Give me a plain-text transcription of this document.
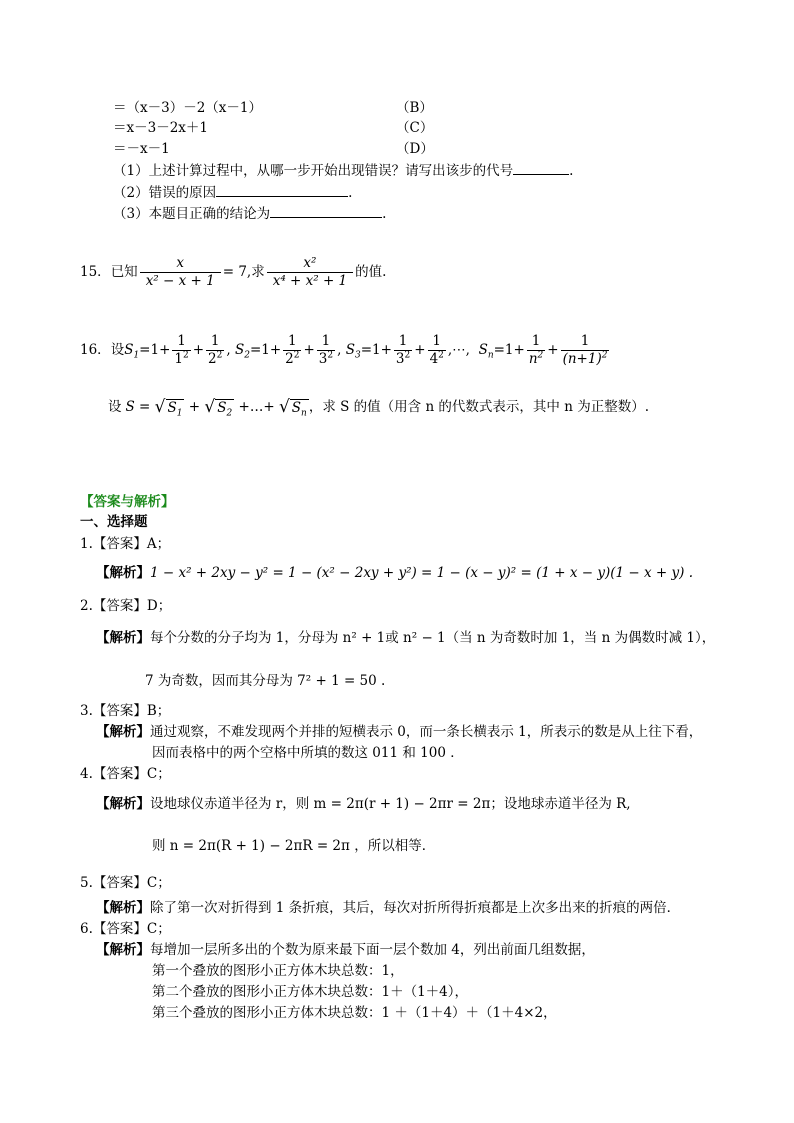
＝（x－3）－2（x－1）	（B）
＝x－3－2x＋1	（C）
＝－x－1	（D）
（1）上述计算过程中，从哪一步开始出现错误？请写出该步的代号	.
（2）错误的原因	.
（3）本题目正确的结论为	.
15． 已知 $\frac{x}{\text{x² − x + 1}} = 7$ ,求 $\frac{\text{x²}}{\text{x⁴ + x² + 1}}$ 的值.
16． 设 $S_1 =1+ \frac{1}{1^2} + \frac{1}{2^2}$ , $S_2 =1+ \frac{1}{2^2} + \frac{1}{3^2}$ , $S_3 =1+ \frac{1}{3^2} + \frac{1}{4^2}$ ,⋯, $S_n =1+ \frac{1}{n^2} + \frac{1}{(n+1)^2}$
设 S = √ $S_1$ + √ $S_2$ +…+ √ $S_n$ ，求 S 的值（用含 n 的代数式表示，其中 n 为正整数）.
【答案与解析】
一、选择题
1.【答案】A；
【解析】1 − x² + 2xy − y² = 1 − (x² − 2xy + y²) = 1 − (x − y)² = (1 + x − y)(1 − x + y) .
2.【答案】D；
【解析】每个分数的分子均为 1，分母为 n² + 1或 n² − 1（当 n 为奇数时加 1，当 n 为偶数时减 1），
7 为奇数，因而其分母为 7² + 1 = 50 .
3.【答案】B；
【解析】通过观察，不难发现两个并排的短横表示 0，而一条长横表示 1，所表示的数是从上往下看，
因而表格中的两个空格中所填的数这 011 和 100 ．
4.【答案】C；
【解析】设地球仪赤道半径为 r，则 m = 2π(r + 1) − 2πr = 2π；设地球赤道半径为 R,
则 n = 2π(R + 1) − 2πR = 2π ，所以相等．
5.【答案】C；
【解析】除了第一次对折得到 1 条折痕，其后，每次对折所得折痕都是上次多出来的折痕的两倍．
6.【答案】C；
【解析】每增加一层所多出的个数为原来最下面一层个数加 4，列出前面几组数据，
第一个叠放的图形小正方体木块总数：1，
第二个叠放的图形小正方体木块总数：1＋（1＋4），
第三个叠放的图形小正方体木块总数：1 ＋（1＋4）＋（1＋4×2，
